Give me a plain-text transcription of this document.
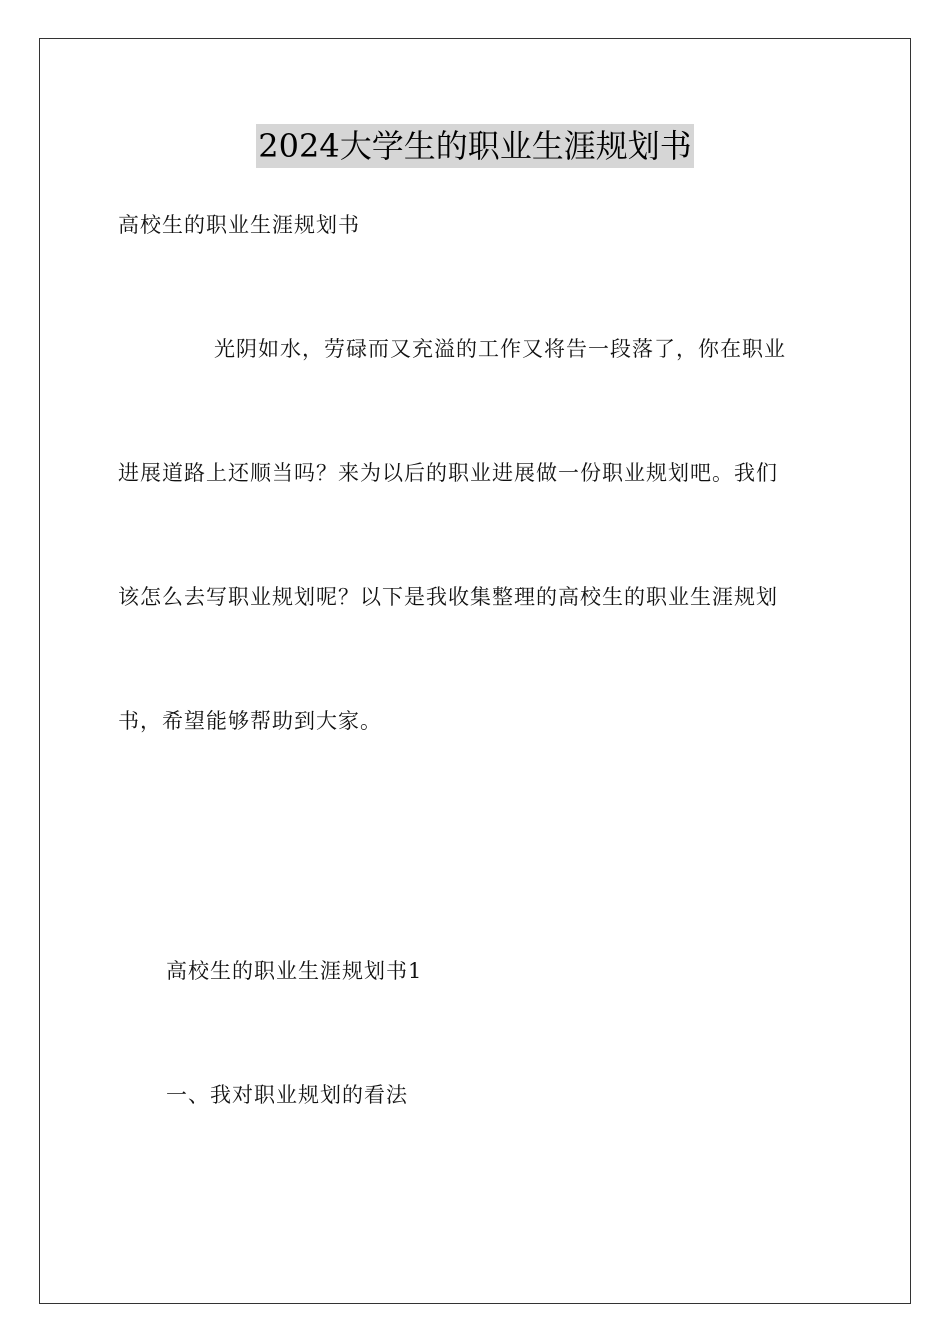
2024大学生的职业生涯规划书
高校生的职业生涯规划书
光阴如水，劳碌而又充溢的工作又将告一段落了，你在职业
进展道路上还顺当吗？来为以后的职业进展做一份职业规划吧。我们
该怎么去写职业规划呢？以下是我收集整理的高校生的职业生涯规划
书，希望能够帮助到大家。
高校生的职业生涯规划书1
一、我对职业规划的看法
